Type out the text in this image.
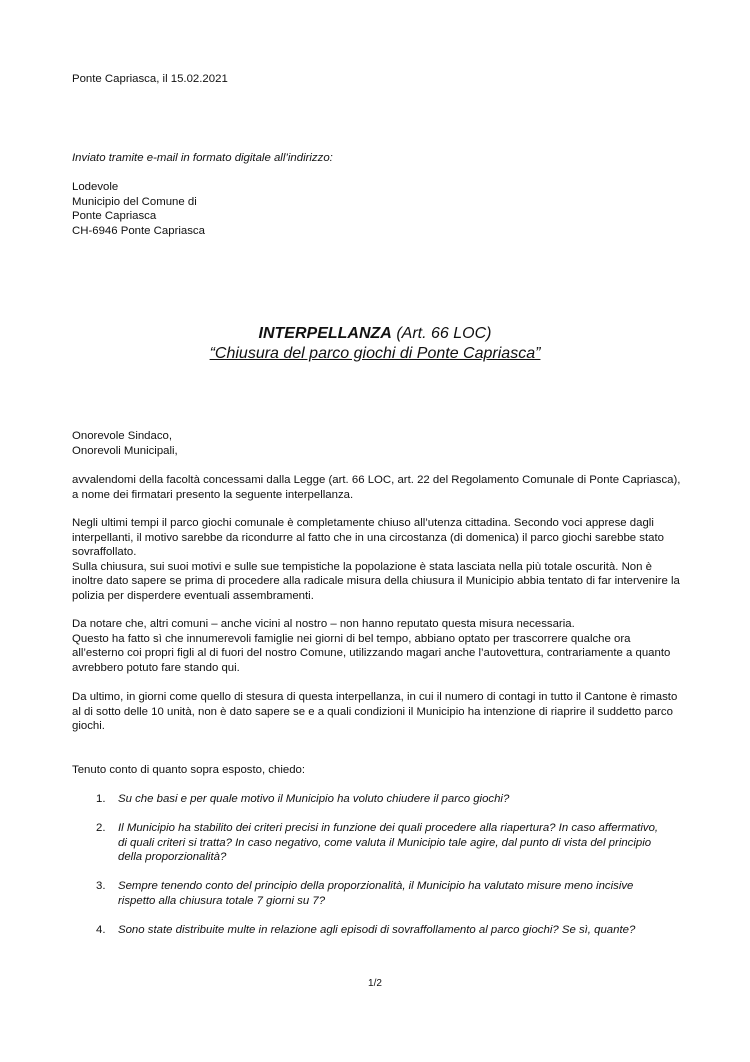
Ponte Capriasca, il 15.02.2021

Inviato tramite e-mail in formato digitale all’indirizzo:

Lodevole

Municipio del Comune di

Ponte Capriasca

CH-6946 Ponte Capriasca

INTERPELLANZA (Art. 66 LOC)
“Chiusura del parco giochi di Ponte Capriasca”

Onorevole Sindaco,

Onorevoli Municipali,

avvalendomi della facoltà concessami dalla Legge (art. 66 LOC, art. 22 del Regolamento Comunale di Ponte Capriasca), a nome dei firmatari presento la seguente interpellanza.

Negli ultimi tempi il parco giochi comunale è completamente chiuso all’utenza cittadina. Secondo voci apprese dagli interpellanti, il motivo sarebbe da ricondurre al fatto che in una circostanza (di domenica) il parco giochi sarebbe stato sovraffollato.

Sulla chiusura, sui suoi motivi e sulle sue tempistiche la popolazione è stata lasciata nella più totale oscurità. Non è inoltre dato sapere se prima di procedere alla radicale misura della chiusura il Municipio abbia tentato di far intervenire la polizia per disperdere eventuali assembramenti.

Da notare che, altri comuni – anche vicini al nostro – non hanno reputato questa misura necessaria.

Questo ha fatto sì che innumerevoli famiglie nei giorni di bel tempo, abbiano optato per trascorrere qualche ora all’esterno coi propri figli al di fuori del nostro Comune, utilizzando magari anche l’autovettura, contrariamente a quanto avrebbero potuto fare stando qui.

Da ultimo, in giorni come quello di stesura di questa interpellanza, in cui il numero di contagi in tutto il Cantone è rimasto al di sotto delle 10 unità, non è dato sapere se e a quali condizioni il Municipio ha intenzione di riaprire il suddetto parco giochi.

Tenuto conto di quanto sopra esposto, chiedo:

1. Su che basi e per quale motivo il Municipio ha voluto chiudere il parco giochi?
2. Il Municipio ha stabilito dei criteri precisi in funzione dei quali procedere alla riapertura? In caso affermativo, di quali criteri si tratta? In caso negativo, come valuta il Municipio tale agire, dal punto di vista del principio della proporzionalità?
3. Sempre tenendo conto del principio della proporzionalità, il Municipio ha valutato misure meno incisive rispetto alla chiusura totale 7 giorni su 7?
4. Sono state distribuite multe in relazione agli episodi di sovraffollamento al parco giochi? Se sì, quante?
1/2
